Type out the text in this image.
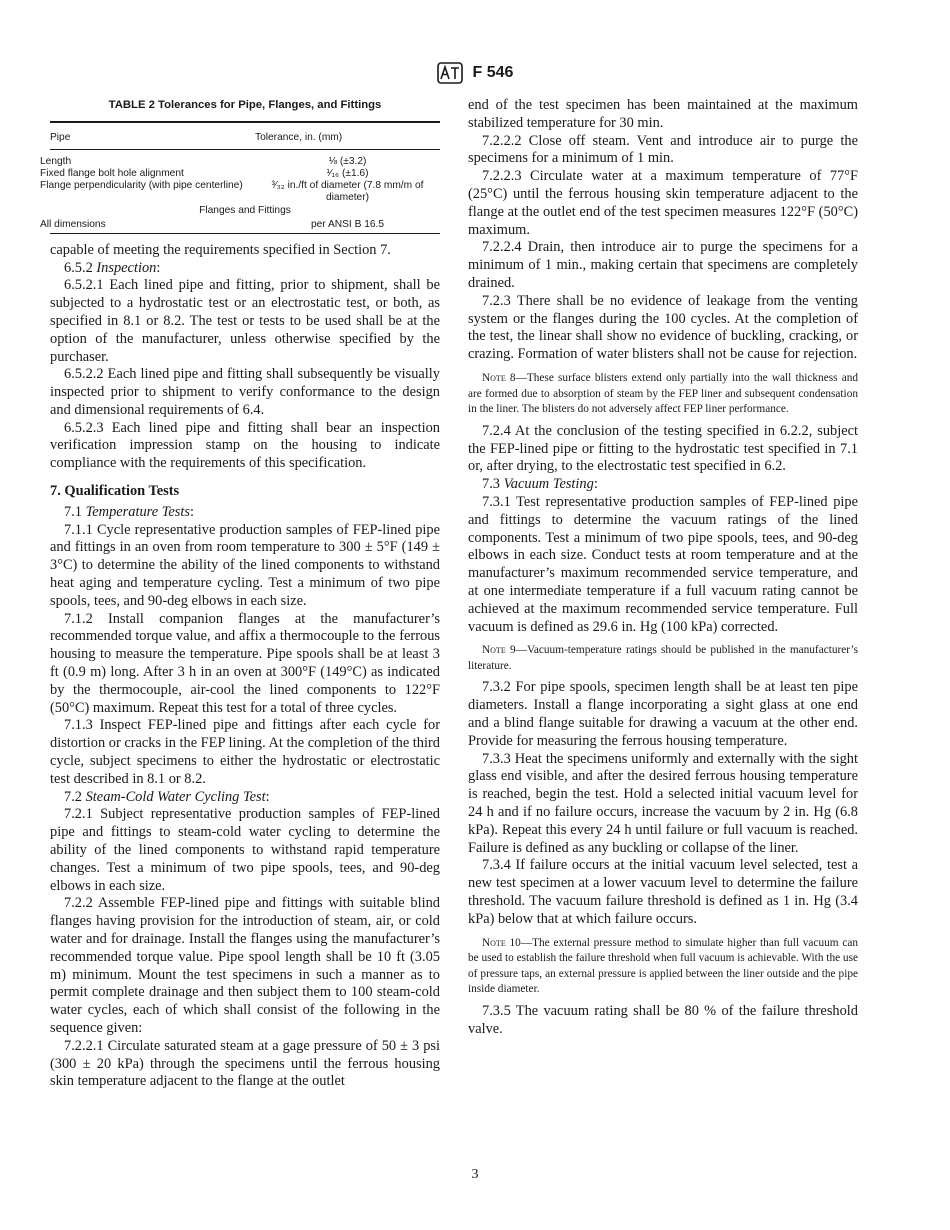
F 546
TABLE 2 Tolerances for Pipe, Flanges, and Fittings
Pipe	Tolerance, in. (mm)

Length	⅛ (±3.2)
Fixed flange bolt hole alignment	¹⁄₁₆ (±1.6)
Flange perpendicularity (with pipe centerline)	³⁄₃₂ in./ft of diameter (7.8 mm/m of diameter)
Flanges and Fittings	
All dimensions	per ANSI B 16.5

capable of meeting the requirements specified in Section 7.

6.5.2 Inspection:

6.5.2.1 Each lined pipe and fitting, prior to shipment, shall be subjected to a hydrostatic test or an electrostatic test, or both, as specified in 8.1 or 8.2. The test or tests to be used shall be at the option of the manufacturer, unless otherwise specified by the purchaser.

6.5.2.2 Each lined pipe and fitting shall subsequently be visually inspected prior to shipment to verify conformance to the design and dimensional requirements of 6.4.

6.5.2.3 Each lined pipe and fitting shall bear an inspection verification impression stamp on the housing to indicate compliance with the requirements of this specification.

7. Qualification Tests

7.1 Temperature Tests:

7.1.1 Cycle representative production samples of FEP-lined pipe and fittings in an oven from room temperature to 300 ± 5°F (149 ± 3°C) to determine the ability of the lined components to withstand heat aging and temperature cycling. Test a minimum of two pipe spools, tees, and 90-deg elbows in each size.

7.1.2 Install companion flanges at the manufacturer’s recommended torque value, and affix a thermocouple to the ferrous housing to measure the temperature. Pipe spools shall be at least 3 ft (0.9 m) long. After 3 h in an oven at 300°F (149°C) as indicated by the thermocouple, air-cool the lined components to 122°F (50°C) maximum. Repeat this test for a total of three cycles.

7.1.3 Inspect FEP-lined pipe and fittings after each cycle for distortion or cracks in the FEP lining. At the completion of the third cycle, subject specimens to either the hydrostatic or electrostatic test described in 8.1 or 8.2.

7.2 Steam-Cold Water Cycling Test:

7.2.1 Subject representative production samples of FEP-lined pipe and fittings to steam-cold water cycling to determine the ability of the lined components to withstand rapid temperature changes. Test a minimum of two pipe spools, tees, and 90-deg elbows in each size.

7.2.2 Assemble FEP-lined pipe and fittings with suitable blind flanges having provision for the introduction of steam, air, or cold water and for drainage. Install the flanges using the manufacturer’s recommended torque value. Pipe spool length shall be 10 ft (3.05 m) minimum. Mount the test specimens in such a manner as to permit complete drainage and then subject them to 100 steam-cold water cycles, each of which shall consist of the following in the sequence given:

7.2.2.1 Circulate saturated steam at a gage pressure of 50 ± 3 psi (300 ± 20 kPa) through the specimens until the ferrous housing skin temperature adjacent to the flange at the outlet

end of the test specimen has been maintained at the maximum stabilized temperature for 30 min.

7.2.2.2 Close off steam. Vent and introduce air to purge the specimens for a minimum of 1 min.

7.2.2.3 Circulate water at a maximum temperature of 77°F (25°C) until the ferrous housing skin temperature adjacent to the flange at the outlet end of the test specimen measures 122°F (50°C) maximum.

7.2.2.4 Drain, then introduce air to purge the specimens for a minimum of 1 min., making certain that specimens are completely drained.

7.2.3 There shall be no evidence of leakage from the venting system or the flanges during the 100 cycles. At the completion of the test, the linear shall show no evidence of buckling, cracking, or crazing. Formation of water blisters shall not be cause for rejection.

Note 8—These surface blisters extend only partially into the wall thickness and are formed due to absorption of steam by the FEP liner and subsequent condensation in the liner. The blisters do not adversely affect FEP liner performance.

7.2.4 At the conclusion of the testing specified in 6.2.2, subject the FEP-lined pipe or fitting to the hydrostatic test specified in 7.1 or, after drying, to the electrostatic test specified in 6.2.

7.3 Vacuum Testing:

7.3.1 Test representative production samples of FEP-lined pipe and fittings to determine the vacuum ratings of the lined components. Test a minimum of two pipe spools, tees, and 90-deg elbows in each size. Conduct tests at room temperature and at the manufacturer’s maximum recommended service temperature, and at one intermediate temperature if a full vacuum rating cannot be achieved at the maximum recommended service temperature. Full vacuum is defined as 29.6 in. Hg (100 kPa) corrected.

Note 9—Vacuum-temperature ratings should be published in the manufacturer’s literature.

7.3.2 For pipe spools, specimen length shall be at least ten pipe diameters. Install a flange incorporating a sight glass at one end and a blind flange suitable for drawing a vacuum at the other end. Provide for measuring the ferrous housing temperature.

7.3.3 Heat the specimens uniformly and externally with the sight glass end visible, and after the desired ferrous housing temperature is reached, begin the test. Hold a selected initial vacuum level for 24 h and if no failure occurs, increase the vacuum by 2 in. Hg (6.8 kPa). Repeat this every 24 h until failure or full vacuum is reached. Failure is defined as any buckling or collapse of the liner.

7.3.4 If failure occurs at the initial vacuum level selected, test a new test specimen at a lower vacuum level to determine the failure threshold. The vacuum failure threshold is defined as 1 in. Hg (3.4 kPa) below that at which failure occurs.

Note 10—The external pressure method to simulate higher than full vacuum can be used to establish the failure threshold when full vacuum is achievable. With the use of pressure taps, an external pressure is applied between the liner outside and the pipe inside diameter.

7.3.5 The vacuum rating shall be 80 % of the failure threshold valve.

3
